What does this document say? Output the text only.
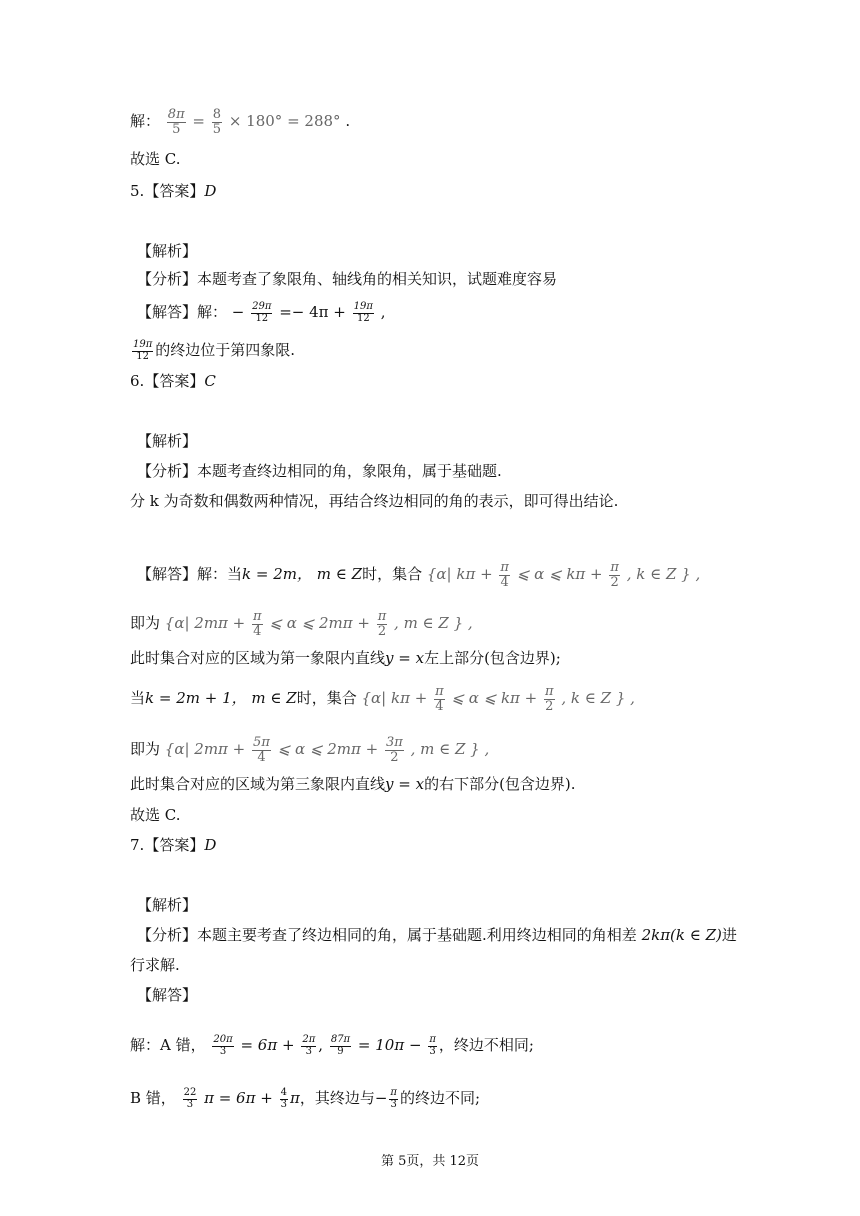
解： $\frac{8\pi}{5} = \frac{8}{5} \times 180^\circ = 288^\circ$ .
故选 C.
5.【答案】D
【解析】
【分析】本题考查了象限角、轴线角的相关知识，试题难度容易
【解答】解： − $\frac{29\pi}{12} =- 4\pi + \frac{19\pi}{12}$ ,
$\frac{19\pi}{12}$ 的终边位于第四象限.
6.【答案】C
【解析】
【分析】本题考查终边相同的角，象限角，属于基础题.
分 k 为奇数和偶数两种情况，再结合终边相同的角的表示，即可得出结论.
【解答】解：当k = 2m， m ∈ Z时，集合 {α| $k\pi + \frac{\pi}{4}$ ⩽ α ⩽ $k\pi + \frac{\pi}{2}$ , k ∈ Z } ,
即为 {α| $2m\pi + \frac{\pi}{4}$ ⩽ α ⩽ $2m\pi + \frac{\pi}{2}$ , m ∈ Z } ,
此时集合对应的区域为第一象限内直线y = x左上部分(包含边界);
当k = 2m + 1， m ∈ Z时，集合 {α| $k\pi + \frac{\pi}{4}$ ⩽ α ⩽ $k\pi + \frac{\pi}{2}$ , k ∈ Z } ,
即为 {α| $2m\pi + \frac{5\pi}{4}$ ⩽ α ⩽ $2m\pi + \frac{3\pi}{2}$ , m ∈ Z } ,
此时集合对应的区域为第三象限内直线y = x的右下部分(包含边界).
故选 C.
7.【答案】D
【解析】
【分析】本题主要考查了终边相同的角，属于基础题.利用终边相同的角相差 2kπ(k ∈ Z)进
行求解.
【解答】
解：A 错， $\frac{20\pi}{3} = 6\pi + \frac{2\pi}{3}$ , $\frac{87\pi}{9} = 10\pi - \frac{\pi}{3}$ ，终边不相同;
B 错， $\frac{22}{3}$ $\pi = 6\pi + \frac{4}{3}$ π，其终边与− $\frac{\pi}{3}$ 的终边不同;
第 5页，共 12页
